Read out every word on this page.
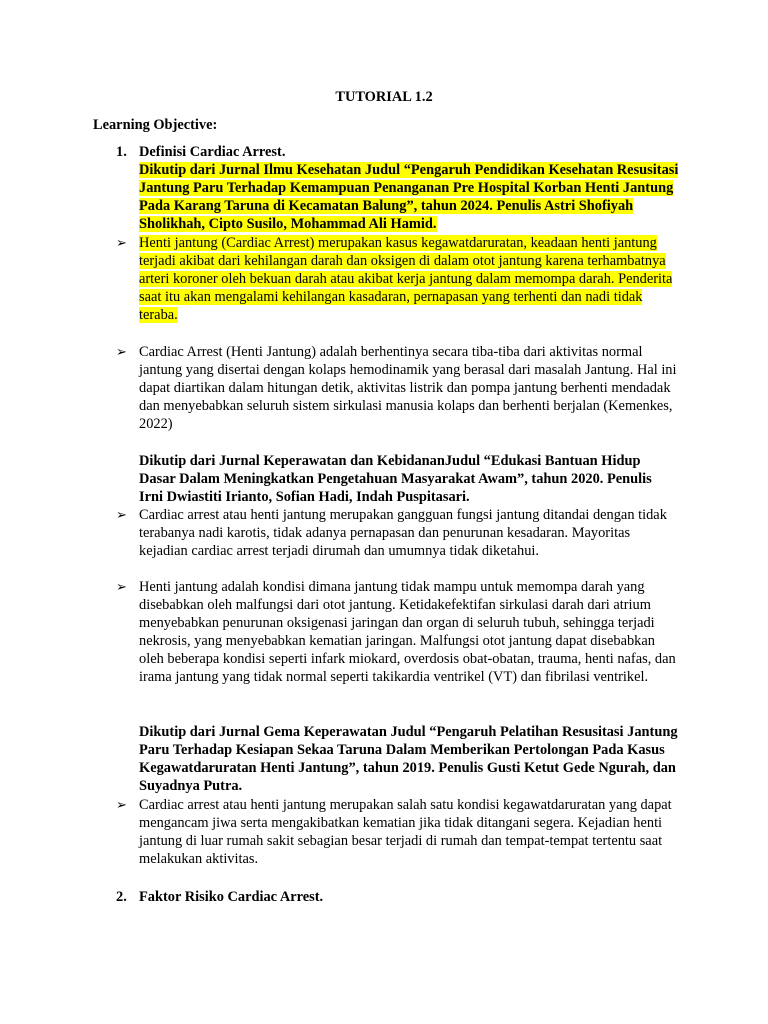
TUTORIAL 1.2
Learning Objective:
1. Definisi Cardiac Arrest.

Dikutip dari Jurnal Ilmu Kesehatan Judul “Pengaruh Pendidikan Kesehatan Resusitasi Jantung Paru Terhadap Kemampuan Penanganan Pre Hospital Korban Henti Jantung Pada Karang Taruna di Kecamatan Balung”, tahun 2024. Penulis Astri Shofiyah Sholikhah, Cipto Susilo, Mohammad Ali Hamid.

➢ Henti jantung (Cardiac Arrest) merupakan kasus kegawatdaruratan, keadaan henti jantung terjadi akibat dari kehilangan darah dan oksigen di dalam otot jantung karena terhambatnya arteri koroner oleh bekuan darah atau akibat kerja jantung dalam memompa darah. Penderita saat itu akan mengalami kehilangan kasadaran, pernapasan yang terhenti dan nadi tidak teraba.

➢ Cardiac Arrest (Henti Jantung) adalah berhentinya secara tiba-tiba dari aktivitas normal jantung yang disertai dengan kolaps hemodinamik yang berasal dari masalah Jantung. Hal ini dapat diartikan dalam hitungan detik, aktivitas listrik dan pompa jantung berhenti mendadak dan menyebabkan seluruh sistem sirkulasi manusia kolaps dan berhenti berjalan (Kemenkes, 2022)

Dikutip dari Jurnal Keperawatan dan KebidananJudul “Edukasi Bantuan Hidup Dasar Dalam Meningkatkan Pengetahuan Masyarakat Awam”, tahun 2020. Penulis Irni Dwiastiti Irianto, Sofian Hadi, Indah Puspitasari.

➢ Cardiac arrest atau henti jantung merupakan gangguan fungsi jantung ditandai dengan tidak terabanya nadi karotis, tidak adanya pernapasan dan penurunan kesadaran. Mayoritas kejadian cardiac arrest terjadi dirumah dan umumnya tidak diketahui.

➢ Henti jantung adalah kondisi dimana jantung tidak mampu untuk memompa darah yang disebabkan oleh malfungsi dari otot jantung. Ketidakefektifan sirkulasi darah dari atrium menyebabkan penurunan oksigenasi jaringan dan organ di seluruh tubuh, sehingga terjadi nekrosis, yang menyebabkan kematian jaringan. Malfungsi otot jantung dapat disebabkan oleh beberapa kondisi seperti infark miokard, overdosis obat-obatan, trauma, henti nafas, dan irama jantung yang tidak normal seperti takikardia ventrikel (VT) dan fibrilasi ventrikel.

Dikutip dari Jurnal Gema Keperawatan Judul “Pengaruh Pelatihan Resusitasi Jantung Paru Terhadap Kesiapan Sekaa Taruna Dalam Memberikan Pertolongan Pada Kasus Kegawatdaruratan Henti Jantung”, tahun 2019. Penulis Gusti Ketut Gede Ngurah, dan Suyadnya Putra.

➢ Cardiac arrest atau henti jantung merupakan salah satu kondisi kegawatdaruratan yang dapat mengancam jiwa serta mengakibatkan kematian jika tidak ditangani segera. Kejadian henti jantung di luar rumah sakit sebagian besar terjadi di rumah dan tempat-tempat tertentu saat melakukan aktivitas.

2. Faktor Risiko Cardiac Arrest.
